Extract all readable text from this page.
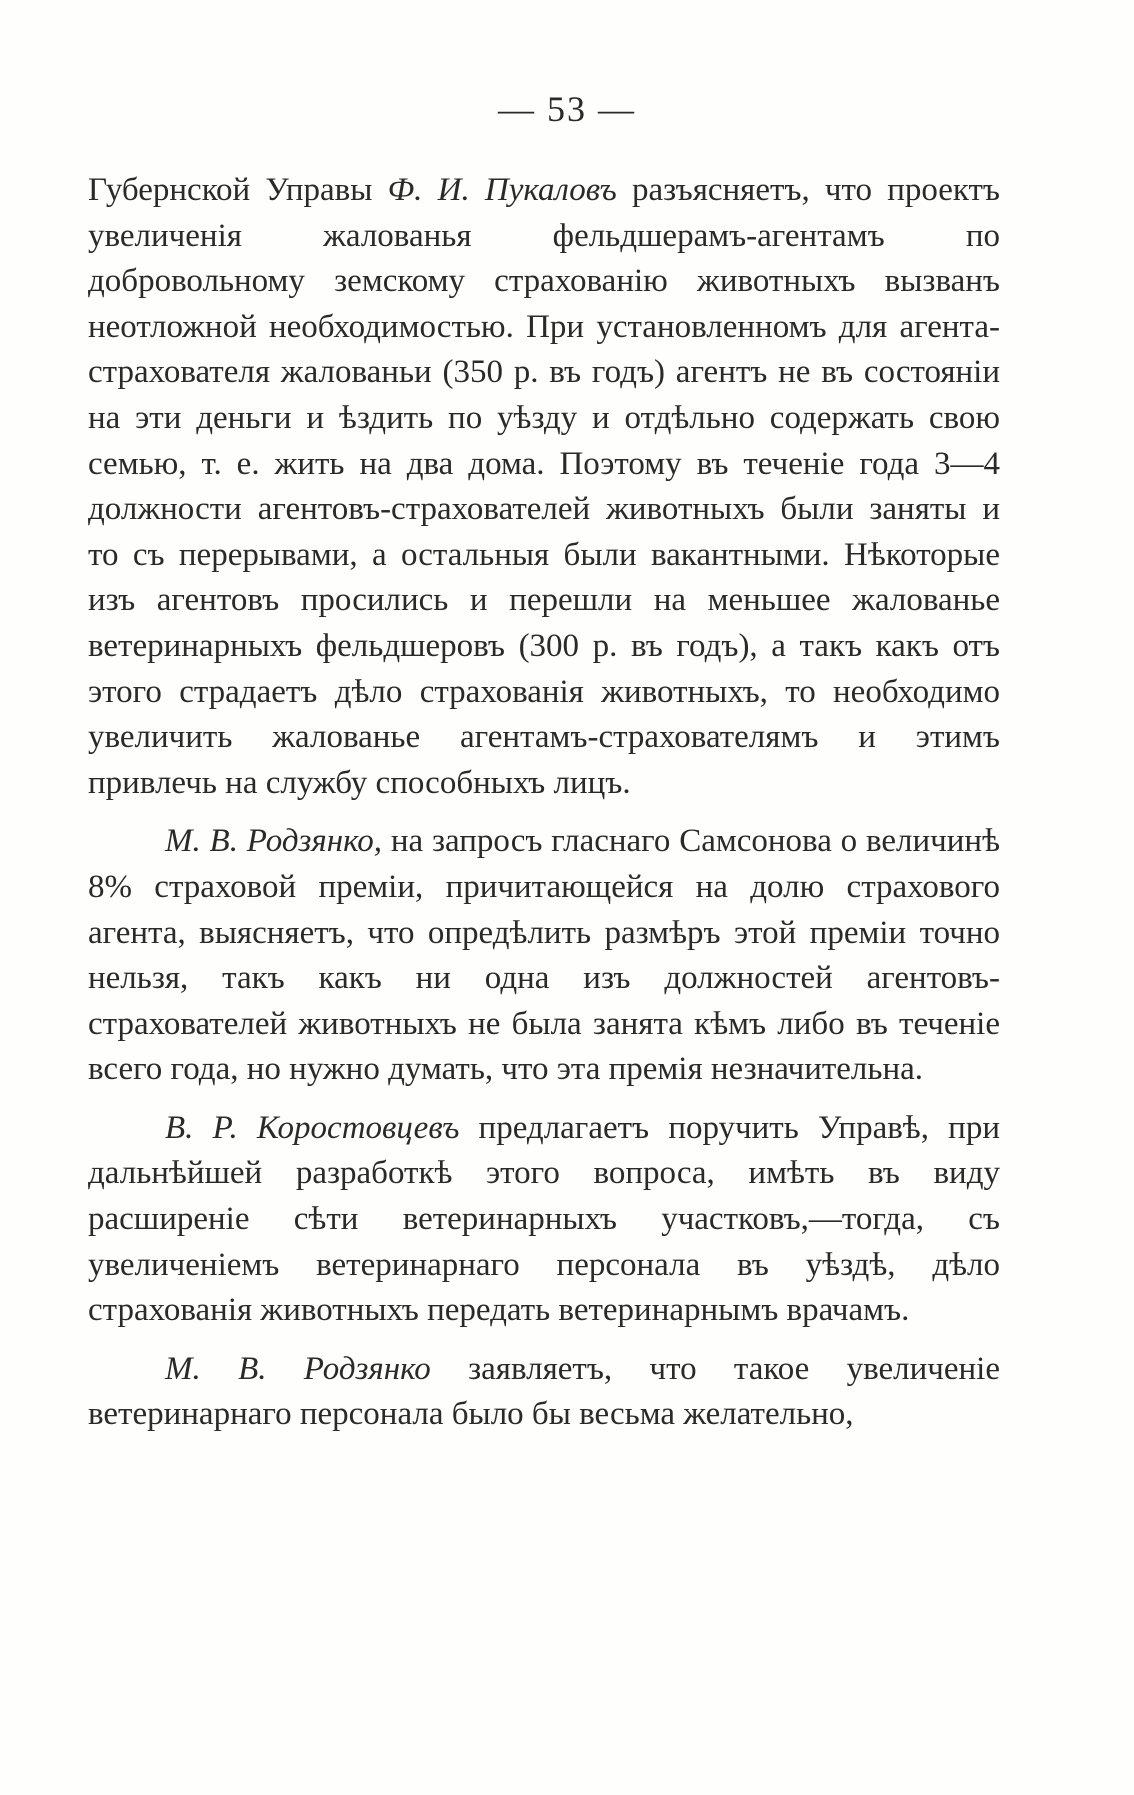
— 53 —

Губернской Управы Ф. И. Пукаловъ разъясняетъ, что проектъ увеличенія жалованья фельдшерамъ-агентамъ по добровольному земскому страхованію животныхъ вызванъ неотложной необходимостью. При установленномъ для агента-страхователя жалованьи (350 р. въ годъ) агентъ не въ состояніи на эти деньги и ѣздить по уѣзду и отдѣльно содержать свою семью, т. е. жить на два дома. Поэтому въ теченіе года 3—4 должности агентовъ-страхователей животныхъ были заняты и то съ перерывами, а остальныя были вакантными. Нѣкоторые изъ агентовъ просились и перешли на меньшее жалованье ветеринарныхъ фельдшеровъ (300 р. въ годъ), а такъ какъ отъ этого страдаетъ дѣло страхованія животныхъ, то необходимо увеличить жалованье агентамъ-страхователямъ и этимъ привлечь на службу способныхъ лицъ.

М. В. Родзянко, на запросъ гласнаго Самсонова о величинѣ 8% страховой преміи, причитающейся на долю страхового агента, выясняетъ, что опредѣлить размѣръ этой преміи точно нельзя, такъ какъ ни одна изъ должностей агентовъ-страхователей животныхъ не была занята кѣмъ либо въ теченіе всего года, но нужно думать, что эта премія незначительна.

В. Р. Коростовцевъ предлагаетъ поручить Управѣ, при дальнѣйшей разработкѣ этого вопроса, имѣть въ виду расширеніе сѣти ветеринарныхъ участковъ,—тогда, съ увеличеніемъ ветеринарнаго персонала въ уѣздѣ, дѣло страхованія животныхъ передать ветеринарнымъ врачамъ.

М. В. Родзянко заявляетъ, что такое увеличеніе ветеринарнаго персонала было бы весьма желательно,
